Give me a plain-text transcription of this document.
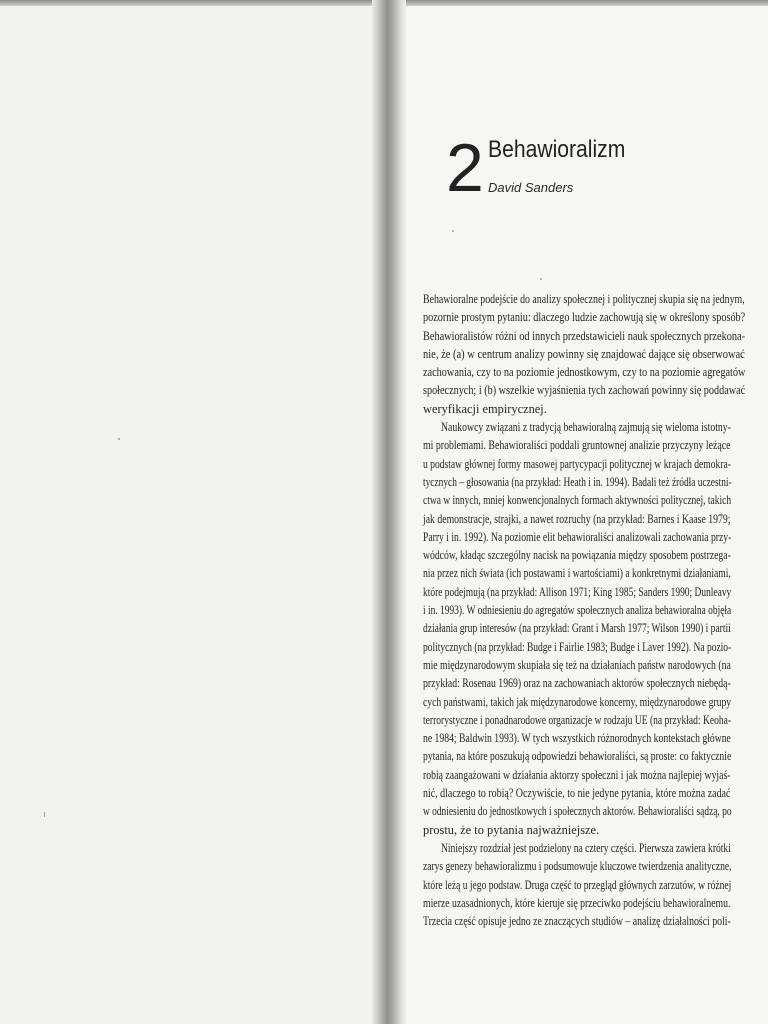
2 Behawioralizm
David Sanders

Behawioralne podejście do analizy społecznej i politycznej skupia się na jednym,
pozornie prostym pytaniu: dlaczego ludzie zachowują się w określony sposób?
Behawioralistów różni od innych przedstawicieli nauk społecznych przekona-
nie, że (a) w centrum analizy powinny się znajdować dające się obserwować
zachowania, czy to na poziomie jednostkowym, czy to na poziomie agregatów
społecznych; i (b) wszelkie wyjaśnienia tych zachowań powinny się poddawać
weryfikacji empirycznej.

Naukowcy związani z tradycją behawioralną zajmują się wieloma istotny-
mi problemami. Behawioraliści poddali gruntownej analizie przyczyny leżące
u podstaw głównej formy masowej partycypacji politycznej w krajach demokra-
tycznych – głosowania (na przykład: Heath i in. 1994). Badali też źródła uczestni-
ctwa w innych, mniej konwencjonalnych formach aktywności politycznej, takich
jak demonstracje, strajki, a nawet rozruchy (na przykład: Barnes i Kaase 1979;
Parry i in. 1992). Na poziomie elit behawioraliści analizowali zachowania przy-
wódców, kładąc szczególny nacisk na powiązania między sposobem postrzega-
nia przez nich świata (ich postawami i wartościami) a konkretnymi działaniami,
które podejmują (na przykład: Allison 1971; King 1985; Sanders 1990; Dunleavy
i in. 1993). W odniesieniu do agregatów społecznych analiza behawioralna objęła
działania grup interesów (na przykład: Grant i Marsh 1977; Wilson 1990) i partii
politycznych (na przykład: Budge i Fairlie 1983; Budge i Laver 1992). Na pozio-
mie międzynarodowym skupiała się też na działaniach państw narodowych (na
przykład: Rosenau 1969) oraz na zachowaniach aktorów społecznych niebędą-
cych państwami, takich jak międzynarodowe koncerny, międzynarodowe grupy
terrorystyczne i ponadnarodowe organizacje w rodzaju UE (na przykład: Keoha-
ne 1984; Baldwin 1993). W tych wszystkich różnorodnych kontekstach główne
pytania, na które poszukują odpowiedzi behawioraliści, są proste: co faktycznie
robią zaangażowani w działania aktorzy społeczni i jak można najlepiej wyjaś-
nić, dlaczego to robią? Oczywiście, to nie jedyne pytania, które można zadać
w odniesieniu do jednostkowych i społecznych aktorów. Behawioraliści sądzą, po
prostu, że to pytania najważniejsze.

Niniejszy rozdział jest podzielony na cztery części. Pierwsza zawiera krótki
zarys genezy behawioralizmu i podsumowuje kluczowe twierdzenia analityczne,
które leżą u jego podstaw. Druga część to przegląd głównych zarzutów, w różnej
mierze uzasadnionych, które kieruje się przeciwko podejściu behawioralnemu.
Trzecia część opisuje jedno ze znaczących studiów – analizę działalności poli-
